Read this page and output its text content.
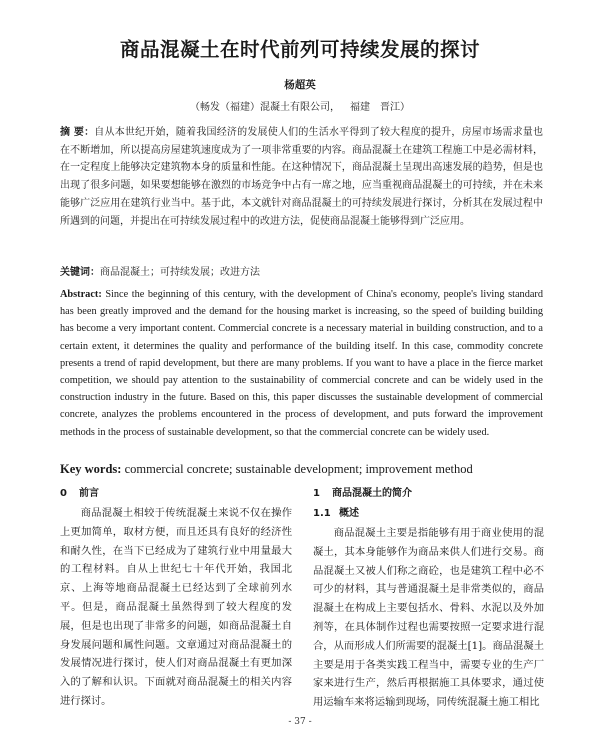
商品混凝土在时代前列可持续发展的探讨
杨超英
（畅发（福建）混凝土有限公司， 福建 晋江）
摘 要：自从本世纪开始，随着我国经济的发展使人们的生活水平得到了较大程度的提升，房屋市场需求量也在不断增加，所以提高房屋建筑速度成为了一项非常重要的内容。商品混凝土在建筑工程施工中是必需材料，在一定程度上能够决定建筑物本身的质量和性能。在这种情况下，商品混凝土呈现出高速发展的趋势，但是也出现了很多问题，如果要想能够在激烈的市场竞争中占有一席之地，应当重视商品混凝土的可持续，并在未来能够广泛应用在建筑行业当中。基于此，本文就针对商品混凝土的可持续发展进行探讨，分析其在发展过程中所遇到的问题，并提出在可持续发展过程中的改进方法，促使商品混凝土能够得到广泛应用。
关键词：商品混凝土；可持续发展；改进方法
Abstract: Since the beginning of this century, with the development of China's economy, people's living standard has been greatly improved and the demand for the housing market is increasing, so the speed of building building has become a very important content. Commercial concrete is a necessary material in building construction, and to a certain extent, it determines the quality and performance of the building itself. In this case, commodity concrete presents a trend of rapid development, but there are many problems. If you want to have a place in the fierce market competition, we should pay attention to the sustainability of commercial concrete and can be widely used in the construction industry in the future. Based on this, this paper discusses the sustainable development of commercial concrete, analyzes the problems encountered in the process of development, and puts forward the improvement methods in the process of sustainable development, so that the commercial concrete can be widely used.
Key words: commercial concrete; sustainable development; improvement method
0 前言
商品混凝土相较于传统混凝土来说不仅在操作上更加简单，取材方便，而且还具有良好的经济性和耐久性，在当下已经成为了建筑行业中用量最大的工程材料。自从上世纪七十年代开始，我国北京、上海等地商品混凝土已经达到了全球前列水平。但是，商品混凝土虽然得到了较大程度的发展，但是也出现了非常多的问题，如商品混凝土自身发展问题和属性问题。文章通过对商品混凝土的发展情况进行探讨，使人们对商品混凝土有更加深入的了解和认识。下面就对商品混凝土的相关内容进行探讨。
1 商品混凝土的简介
1.1 概述
商品混凝土主要是指能够有用于商业使用的混凝土，其本身能够作为商品来供人们进行交易。商品混凝土又被人们称之商砼，也是建筑工程中必不可少的材料，其与普通混凝土是非常类似的，商品混凝土在构成上主要包括水、骨料、水泥以及外加剂等，在具体制作过程也需要按照一定要求进行混合，从而形成人们所需要的混凝土[1]。商品混凝土主要是用于各类实践工程当中，需要专业的生产厂家来进行生产，然后再根据施工具体要求，通过使用运输车来将运输到现场，同传统混凝土施工相比
- 37 -
